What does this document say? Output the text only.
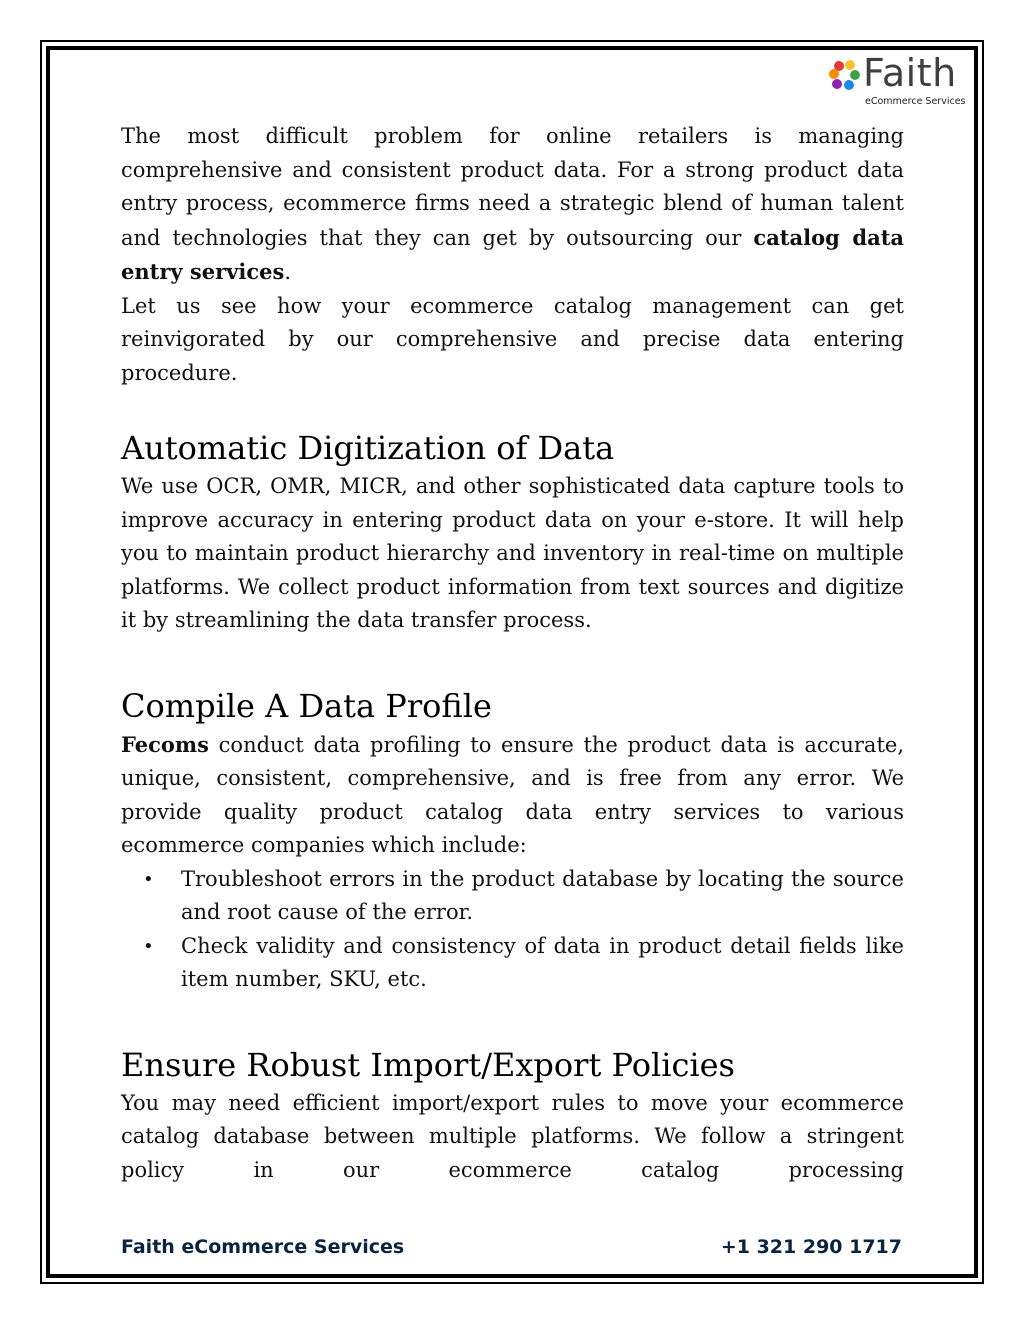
Faith
eCommerce Services

The most difficult problem for online retailers is managing comprehensive and consistent product data. For a strong product data entry process, ecommerce firms need a strategic blend of human talent and technologies that they can get by outsourcing our catalog data entry services.

Let us see how your ecommerce catalog management can get reinvigorated by our comprehensive and precise data entering procedure.

Automatic Digitization of Data

We use OCR, OMR, MICR, and other sophisticated data capture tools to improve accuracy in entering product data on your e-store. It will help you to maintain product hierarchy and inventory in real-time on multiple platforms. We collect product information from text sources and digitize it by streamlining the data transfer process.

Compile A Data Profile

Fecoms conduct data profiling to ensure the product data is accurate, unique, consistent, comprehensive, and is free from any error. We provide quality product catalog data entry services to various ecommerce companies which include:

• Troubleshoot errors in the product database by locating the source and root cause of the error.
• Check validity and consistency of data in product detail fields like item number, SKU, etc.
Ensure Robust Import/Export Policies

You may need efficient import/export rules to move your ecommerce catalog database between multiple platforms. We follow a stringent policy in our ecommerce catalog processing

Faith eCommerce Services	+1 321 290 1717
